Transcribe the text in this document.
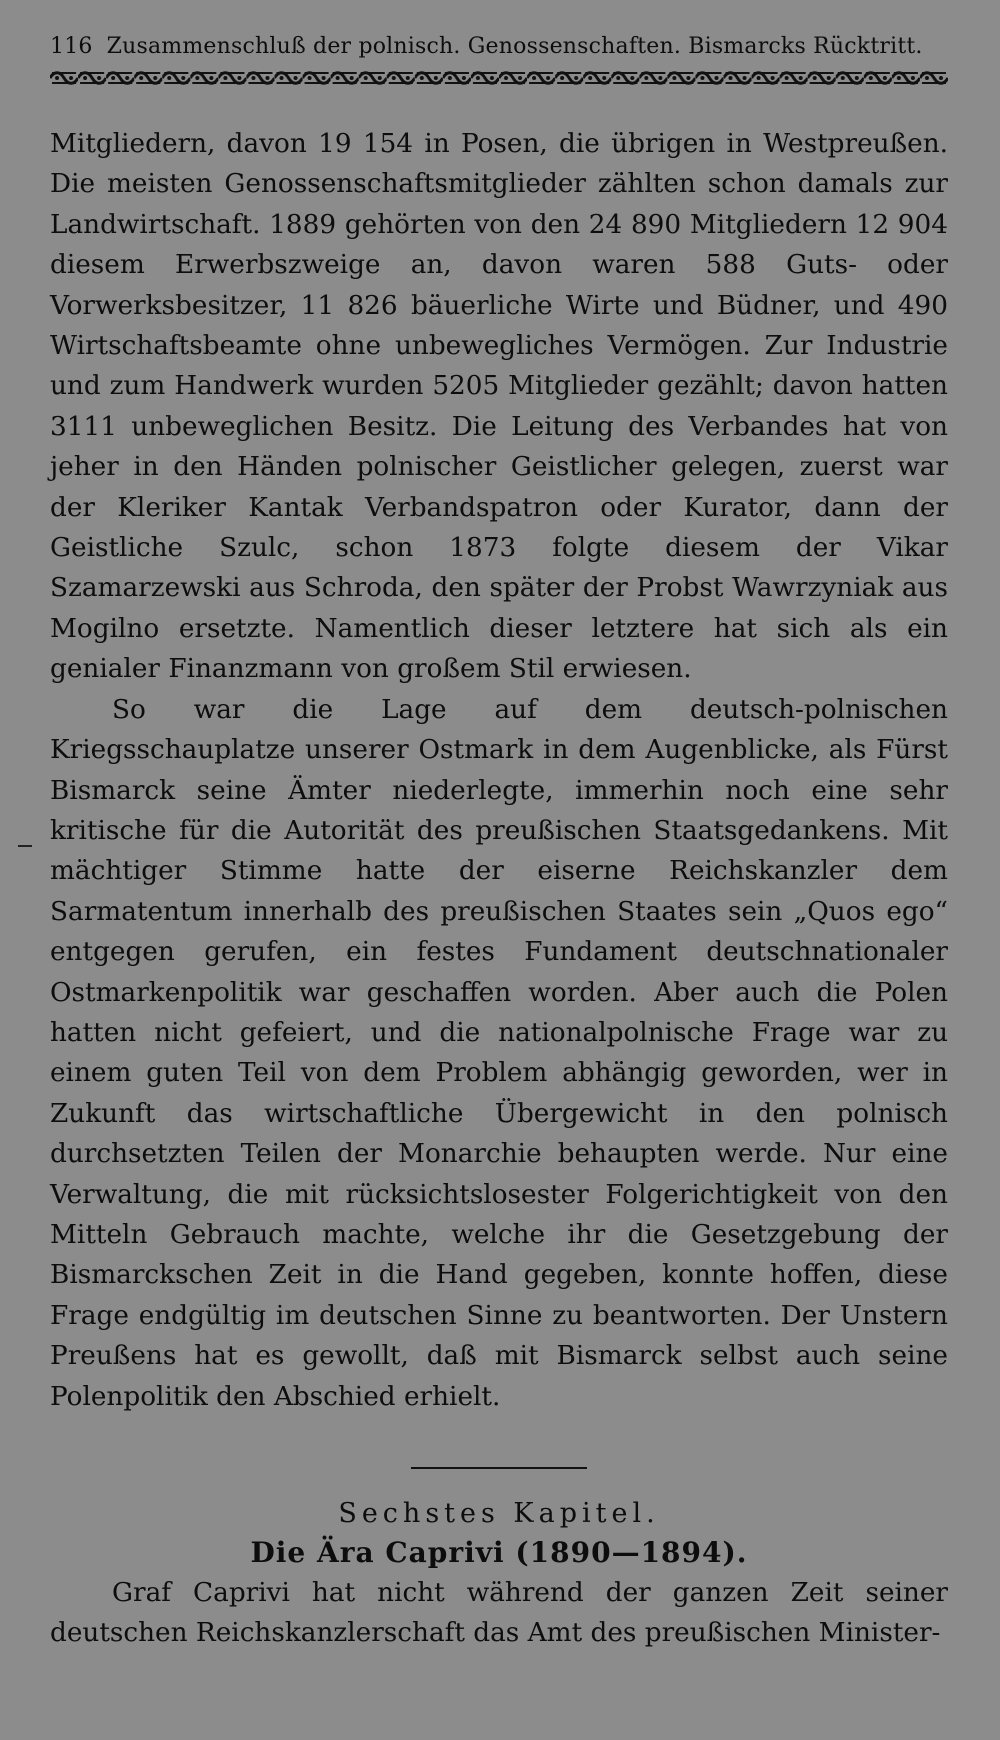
116 Zusammenschluß der polnisch. Genossenschaften. Bismarcks Rücktritt.

Mitgliedern, davon 19 154 in Posen, die übrigen in Westpreußen. Die meisten Genossenschaftsmitglieder zählten schon damals zur Landwirtschaft. 1889 gehörten von den 24 890 Mitgliedern 12 904 diesem Erwerbszweige an, davon waren 588 Guts- oder Vorwerksbesitzer, 11 826 bäuerliche Wirte und Büdner, und 490 Wirtschaftsbeamte ohne unbewegliches Vermögen. Zur Industrie und zum Handwerk wurden 5205 Mitglieder gezählt; davon hatten 3111 unbeweglichen Besitz. Die Leitung des Verbandes hat von jeher in den Händen polnischer Geistlicher gelegen, zuerst war der Kleriker Kantak Verbandspatron oder Kurator, dann der Geistliche Szulc, schon 1873 folgte diesem der Vikar Szamarzewski aus Schroda, den später der Probst Wawrzyniak aus Mogilno ersetzte. Namentlich dieser letztere hat sich als ein genialer Finanzmann von großem Stil erwiesen.

So war die Lage auf dem deutsch-polnischen Kriegsschauplatze unserer Ostmark in dem Augenblicke, als Fürst Bismarck seine Ämter niederlegte, immerhin noch eine sehr kritische für die Autorität des preußischen Staatsgedankens. Mit mächtiger Stimme hatte der eiserne Reichskanzler dem Sarmatentum innerhalb des preußischen Staates sein „Quos ego“ entgegen gerufen, ein festes Fundament deutschnationaler Ostmarkenpolitik war geschaffen worden. Aber auch die Polen hatten nicht gefeiert, und die nationalpolnische Frage war zu einem guten Teil von dem Problem abhängig geworden, wer in Zukunft das wirtschaftliche Übergewicht in den polnisch durchsetzten Teilen der Monarchie behaupten werde. Nur eine Verwaltung, die mit rücksichtslosester Folgerichtigkeit von den Mitteln Gebrauch machte, welche ihr die Gesetzgebung der Bismarckschen Zeit in die Hand gegeben, konnte hoffen, diese Frage endgültig im deutschen Sinne zu beantworten. Der Unstern Preußens hat es gewollt, daß mit Bismarck selbst auch seine Polenpolitik den Abschied erhielt.

Sechstes Kapitel.
Die Ära Caprivi (1890—1894).

Graf Caprivi hat nicht während der ganzen Zeit seiner deutschen Reichskanzlerschaft das Amt des preußischen Minister-
